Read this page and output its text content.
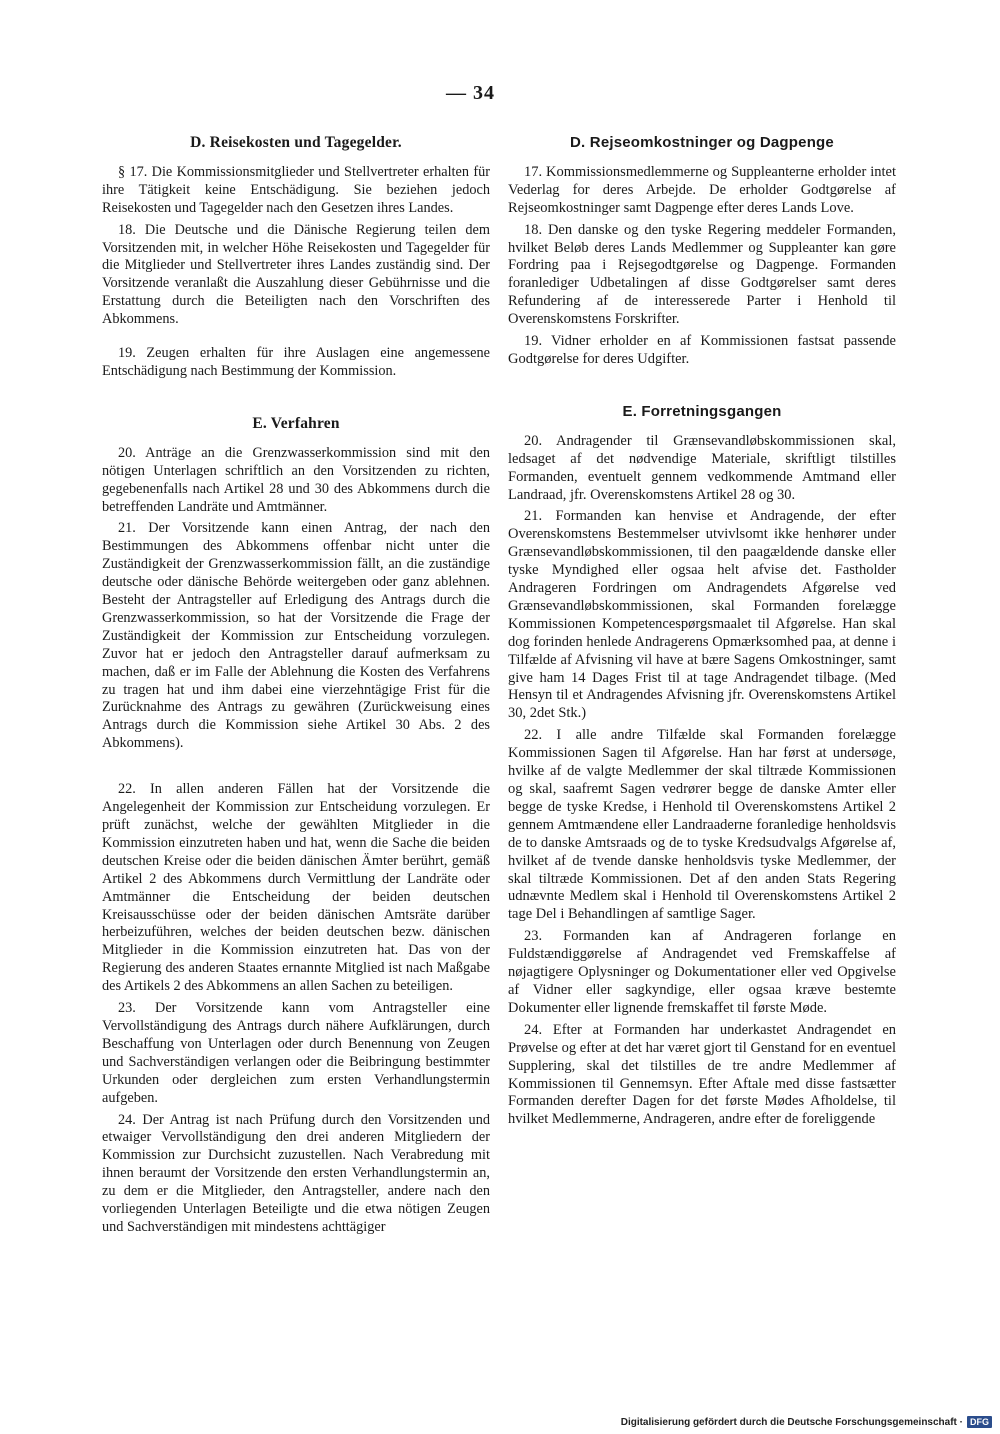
— 34
D. Reisekosten und Tagegelder.

§ 17. Die Kommissionsmitglieder und Stellvertreter erhalten für ihre Tätigkeit keine Entschädigung. Sie beziehen jedoch Reisekosten und Tagegelder nach den Gesetzen ihres Landes.

18. Die Deutsche und die Dänische Regierung teilen dem Vorsitzenden mit, in welcher Höhe Reisekosten und Tagegelder für die Mitglieder und Stellvertreter ihres Landes zuständig sind. Der Vorsitzende veranlaßt die Auszahlung dieser Gebührnisse und die Erstattung durch die Beteiligten nach den Vorschriften des Abkommens.

19. Zeugen erhalten für ihre Auslagen eine angemessene Entschädigung nach Bestimmung der Kommission.

E. Verfahren

20. Anträge an die Grenzwasserkommission sind mit den nötigen Unterlagen schriftlich an den Vorsitzenden zu richten, gegebenenfalls nach Artikel 28 und 30 des Abkommens durch die betreffenden Landräte und Amtmänner.

21. Der Vorsitzende kann einen Antrag, der nach den Bestimmungen des Abkommens offenbar nicht unter die Zuständigkeit der Grenzwasserkommission fällt, an die zuständige deutsche oder dänische Behörde weitergeben oder ganz ablehnen. Besteht der Antragsteller auf Erledigung des Antrags durch die Grenzwasserkommission, so hat der Vorsitzende die Frage der Zuständigkeit der Kommission zur Entscheidung vorzulegen. Zuvor hat er jedoch den Antragsteller darauf aufmerksam zu machen, daß er im Falle der Ablehnung die Kosten des Verfahrens zu tragen hat und ihm dabei eine vierzehntägige Frist für die Zurücknahme des Antrags zu gewähren (Zurückweisung eines Antrags durch die Kommission siehe Artikel 30 Abs. 2 des Abkommens).

22. In allen anderen Fällen hat der Vorsitzende die Angelegenheit der Kommission zur Entscheidung vorzulegen. Er prüft zunächst, welche der gewählten Mitglieder in die Kommission einzutreten haben und hat, wenn die Sache die beiden deutschen Kreise oder die beiden dänischen Ämter berührt, gemäß Artikel 2 des Abkommens durch Vermittlung der Landräte oder Amtmänner die Entscheidung der beiden deutschen Kreisausschüsse oder der beiden dänischen Amtsräte darüber herbeizuführen, welches der beiden deutschen bezw. dänischen Mitglieder in die Kommission einzutreten hat. Das von der Regierung des anderen Staates ernannte Mitglied ist nach Maßgabe des Artikels 2 des Abkommens an allen Sachen zu beteiligen.

23. Der Vorsitzende kann vom Antragsteller eine Vervollständigung des Antrags durch nähere Aufklärungen, durch Beschaffung von Unterlagen oder durch Benennung von Zeugen und Sachverständigen verlangen oder die Beibringung bestimmter Urkunden oder dergleichen zum ersten Verhandlungstermin aufgeben.

24. Der Antrag ist nach Prüfung durch den Vorsitzenden und etwaiger Vervollständigung den drei anderen Mitgliedern der Kommission zur Durchsicht zuzustellen. Nach Verabredung mit ihnen beraumt der Vorsitzende den ersten Verhandlungstermin an, zu dem er die Mitglieder, den Antragsteller, andere nach den vorliegenden Unterlagen Beteiligte und die etwa nötigen Zeugen und Sachverständigen mit mindestens achttägiger

D. Rejseomkostninger og Dagpenge

17. Kommissionsmedlemmerne og Suppleanterne erholder intet Vederlag for deres Arbejde. De erholder Godtgørelse af Rejseomkostninger samt Dagpenge efter deres Lands Love.

18. Den danske og den tyske Regering meddeler Formanden, hvilket Beløb deres Lands Medlemmer og Suppleanter kan gøre Fordring paa i Rejsegodtgørelse og Dagpenge. Formanden foranlediger Udbetalingen af disse Godtgørelser samt deres Refundering af de interesserede Parter i Henhold til Overenskomstens Forskrifter.

19. Vidner erholder en af Kommissionen fastsat passende Godtgørelse for deres Udgifter.

E. Forretningsgangen

20. Andragender til Grænsevandløbskommissionen skal, ledsaget af det nødvendige Materiale, skriftligt tilstilles Formanden, eventuelt gennem vedkommende Amtmand eller Landraad, jfr. Overenskomstens Artikel 28 og 30.

21. Formanden kan henvise et Andragende, der efter Overenskomstens Bestemmelser utvivlsomt ikke henhører under Grænsevandløbskommissionen, til den paagældende danske eller tyske Myndighed eller ogsaa helt afvise det. Fastholder Andrageren Fordringen om Andragendets Afgørelse ved Grænsevandløbskommissionen, skal Formanden forelægge Kommissionen Kompetencespørgsmaalet til Afgørelse. Han skal dog forinden henlede Andragerens Opmærksomhed paa, at denne i Tilfælde af Afvisning vil have at bære Sagens Omkostninger, samt give ham 14 Dages Frist til at tage Andragendet tilbage. (Med Hensyn til et Andragendes Afvisning jfr. Overenskomstens Artikel 30, 2det Stk.)

22. I alle andre Tilfælde skal Formanden forelægge Kommissionen Sagen til Afgørelse. Han har først at undersøge, hvilke af de valgte Medlemmer der skal tiltræde Kommissionen og skal, saafremt Sagen vedrører begge de danske Amter eller begge de tyske Kredse, i Henhold til Overenskomstens Artikel 2 gennem Amtmændene eller Landraaderne foranledige henholdsvis de to danske Amtsraads og de to tyske Kredsudvalgs Afgørelse af, hvilket af de tvende danske henholdsvis tyske Medlemmer, der skal tiltræde Kommissionen. Det af den anden Stats Regering udnævnte Medlem skal i Henhold til Overenskomstens Artikel 2 tage Del i Behandlingen af samtlige Sager.

23. Formanden kan af Andrageren forlange en Fuldstændiggørelse af Andragendet ved Fremskaffelse af nøjagtigere Oplysninger og Dokumentationer eller ved Opgivelse af Vidner eller sagkyndige, eller ogsaa kræve bestemte Dokumenter eller lignende fremskaffet til første Møde.

24. Efter at Formanden har underkastet Andragendet en Prøvelse og efter at det har været gjort til Genstand for en eventuel Supplering, skal det tilstilles de tre andre Medlemmer af Kommissionen til Gennemsyn. Efter Aftale med disse fastsætter Formanden derefter Dagen for det første Mødes Afholdelse, til hvilket Medlemmerne, Andrageren, andre efter de foreliggende

Digitalisierung gefördert durch die Deutsche Forschungsgemeinschaft · DFG
